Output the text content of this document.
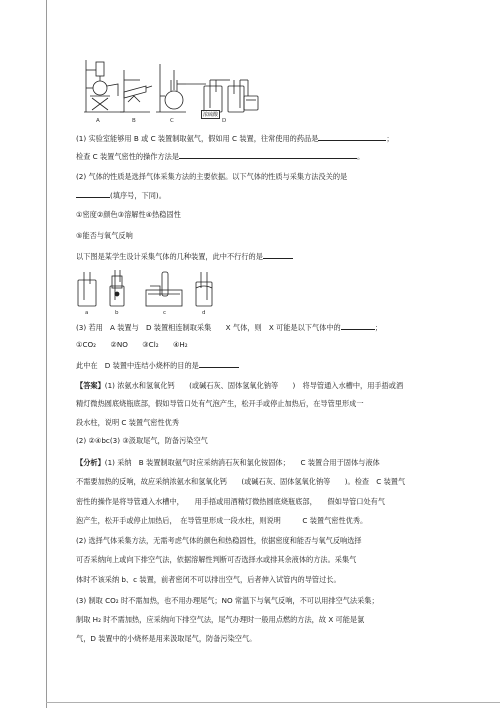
A	B	C	D
浓硫酸
(1) 实验室能够用 B 或 C 装置制取氨气，假如用 C 装置，往常使用的药品是	；
检查 C 装置气密性的操作方法是	。
(2) 气体的性质是选择气体采集方法的主要依据。以下气体的性质与采集方法没关的是
(填序号，下同)。
①密度②颜色③溶解性④热稳固性
⑤能否与氧气反响
以下图是某学生设计采集气体的几种装置，此中不行行的是
a	b	c	d
(3) 若用　A 装置与　D 装置相连制取采集　　X 气体，则　X 可能是以下气体中的	；
①CO₂　　②NO　　③Cl₂　　④H₂
此中在　D 装置中连结小烧杯的目的是
【答案】(1) 浓氨水和氢氧化钙　　(或碱石灰、固体氢氧化钠等　　)　将导管通入水槽中，用手捂或酒
精灯微热圆底烧瓶底部，假如导管口处有气泡产生，松开手或停止加热后，在导管里形成一
段水柱，说明 C 装置气密性优秀
(2) ②④bc(3) ③汲取尾气，防备污染空气
【分析】(1) 采纳　B 装置制取氨气时应采纳消石灰和氯化铵固体；　　C 装置合用于固体与液体
不需要加热的反响，故应采纳浓氨水和氢氧化钙　　(或碱石灰、固体氢氧化钠等　　)。检查　C 装置气
密性的操作是将导管通入水槽中，　　用手捂或用酒精灯微热圆底烧瓶底部，　　假如导管口处有气
泡产生，松开手或停止加热后，　在导管里形成一段水柱，则说明　　　C 装置气密性优秀。
(2) 选择气体采集方法，无需考虑气体的颜色和热稳固性，依据密度和能否与氧气反响选择
可否采纳向上或向下排空气法，依据溶解性判断可否选择水或排其余液体的方法。采集气
体时不该采纳 b、c 装置，前者密闭不可以排出空气，后者伸入试管内的导管过长。
(3) 制取 CO₂ 时不需加热，也不用办理尾气；NO 常温下与氧气反响，不可以用排空气法采集；
制取 H₂ 时不需加热，应采纳向下排空气法，尾气办理时一般用点燃的方法，故 X 可能是氯
气，D 装置中的小烧杯是用来汲取尾气，防备污染空气。
